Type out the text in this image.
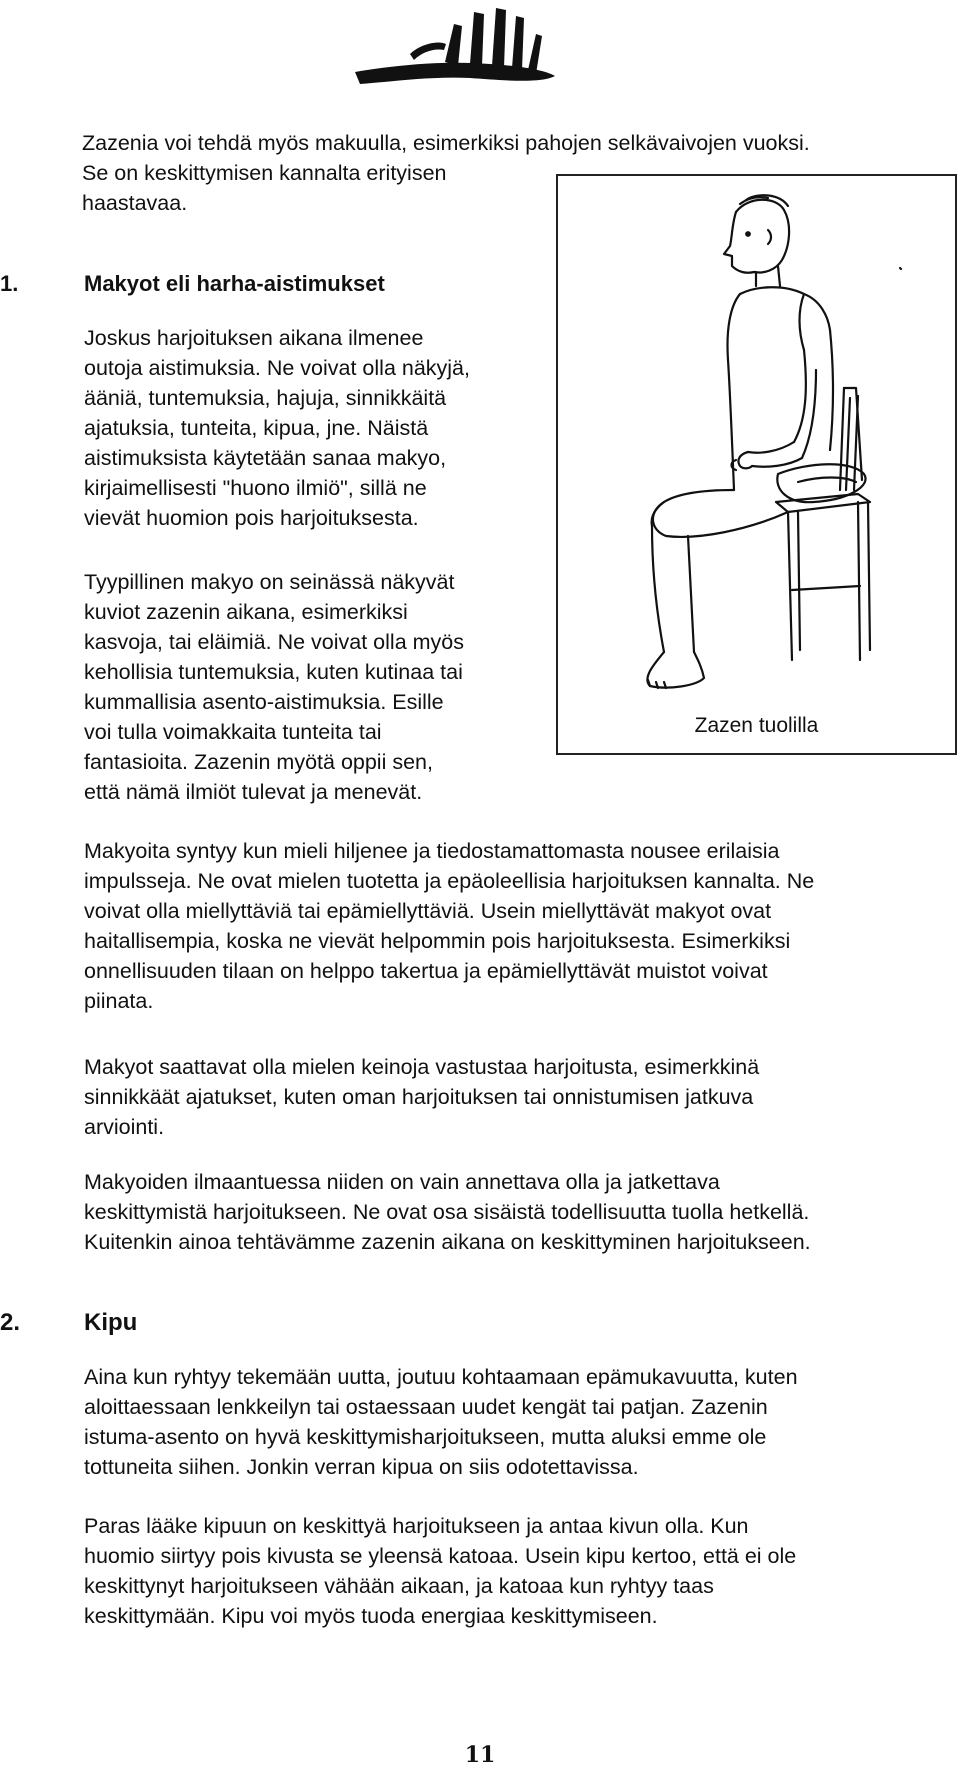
Zazenia voi tehdä myös makuulla, esimerkiksi pahojen selkävaivojen vuoksi.

Se on keskittymisen kannalta erityisen

haastavaa.

1.	Makyot eli harha-aistimukset

Joskus harjoituksen aikana ilmenee

outoja aistimuksia. Ne voivat olla näkyjä,

ääniä, tuntemuksia, hajuja, sinnikkäitä

ajatuksia, tunteita, kipua, jne. Näistä

aistimuksista käytetään sanaa makyo,

kirjaimellisesti "huono ilmiö", sillä ne

vievät huomion pois harjoituksesta.

Tyypillinen makyo on seinässä näkyvät

kuviot zazenin aikana, esimerkiksi

kasvoja, tai eläimiä. Ne voivat olla myös

kehollisia tuntemuksia, kuten kutinaa tai

kummallisia asento-aistimuksia. Esille

voi tulla voimakkaita tunteita tai

fantasioita. Zazenin myötä oppii sen,

että nämä ilmiöt tulevat ja menevät.

Zazen tuolilla

Makyoita syntyy kun mieli hiljenee ja tiedostamattomasta nousee erilaisia

impulsseja. Ne ovat mielen tuotetta ja epäoleellisia harjoituksen kannalta. Ne

voivat olla miellyttäviä tai epämiellyttäviä. Usein miellyttävät makyot ovat

haitallisempia, koska ne vievät helpommin pois harjoituksesta. Esimerkiksi

onnellisuuden tilaan on helppo takertua ja epämiellyttävät muistot voivat

piinata.

Makyot saattavat olla mielen keinoja vastustaa harjoitusta, esimerkkinä

sinnikkäät ajatukset, kuten oman harjoituksen tai onnistumisen jatkuva

arviointi.

Makyoiden ilmaantuessa niiden on vain annettava olla ja jatkettava

keskittymistä harjoitukseen. Ne ovat osa sisäistä todellisuutta tuolla hetkellä.

Kuitenkin ainoa tehtävämme zazenin aikana on keskittyminen harjoitukseen.

2.	Kipu

Aina kun ryhtyy tekemään uutta, joutuu kohtaamaan epämukavuutta, kuten

aloittaessaan lenkkeilyn tai ostaessaan uudet kengät tai patjan. Zazenin

istuma-asento on hyvä keskittymisharjoitukseen, mutta aluksi emme ole

tottuneita siihen. Jonkin verran kipua on siis odotettavissa.

Paras lääke kipuun on keskittyä harjoitukseen ja antaa kivun olla. Kun

huomio siirtyy pois kivusta se yleensä katoaa. Usein kipu kertoo, että ei ole

keskittynyt harjoitukseen vähään aikaan, ja katoaa kun ryhtyy taas

keskittymään. Kipu voi myös tuoda energiaa keskittymiseen.

11
